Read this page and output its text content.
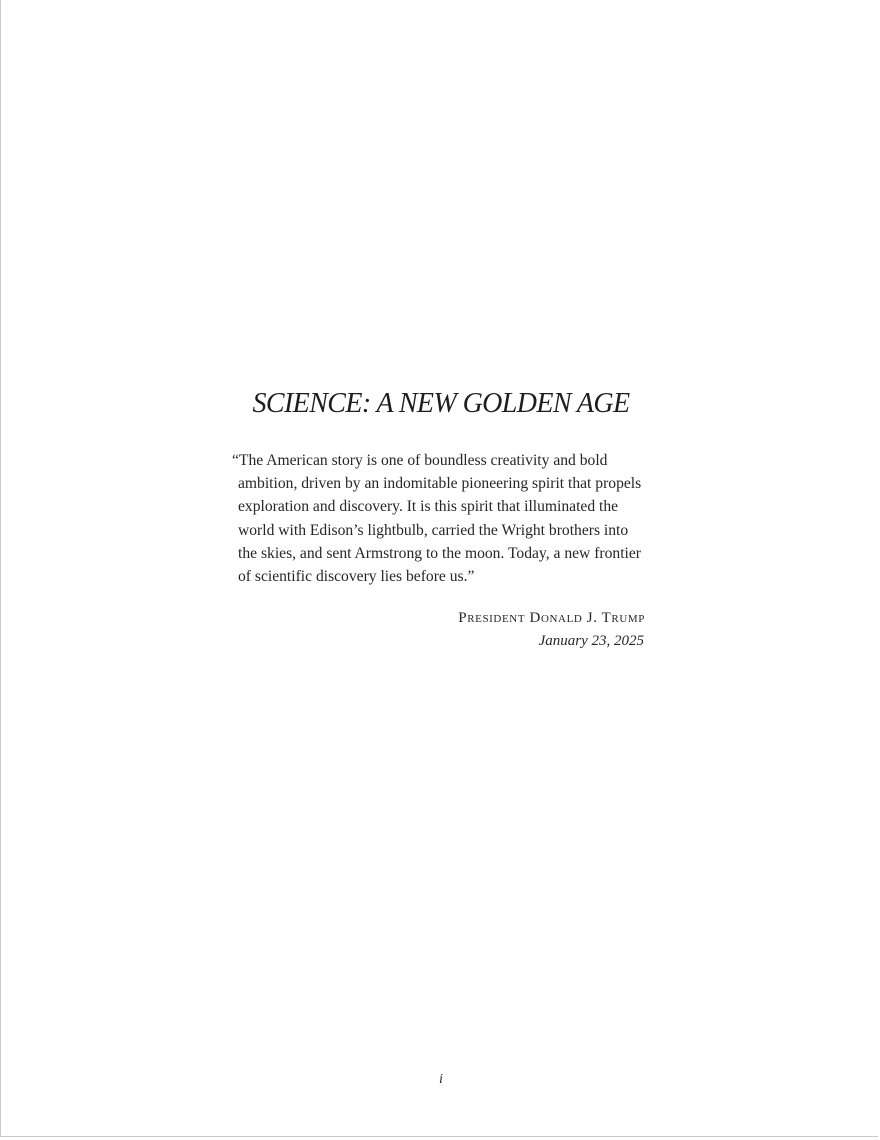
SCIENCE: A NEW GOLDEN AGE
“The American story is one of boundless creativity and bold
ambition, driven by an indomitable pioneering spirit that propels
exploration and discovery. It is this spirit that illuminated the
world with Edison’s lightbulb, carried the Wright brothers into
the skies, and sent Armstrong to the moon. Today, a new frontier
of scientific discovery lies before us.”

President Donald J. Trump

January 23, 2025

i
